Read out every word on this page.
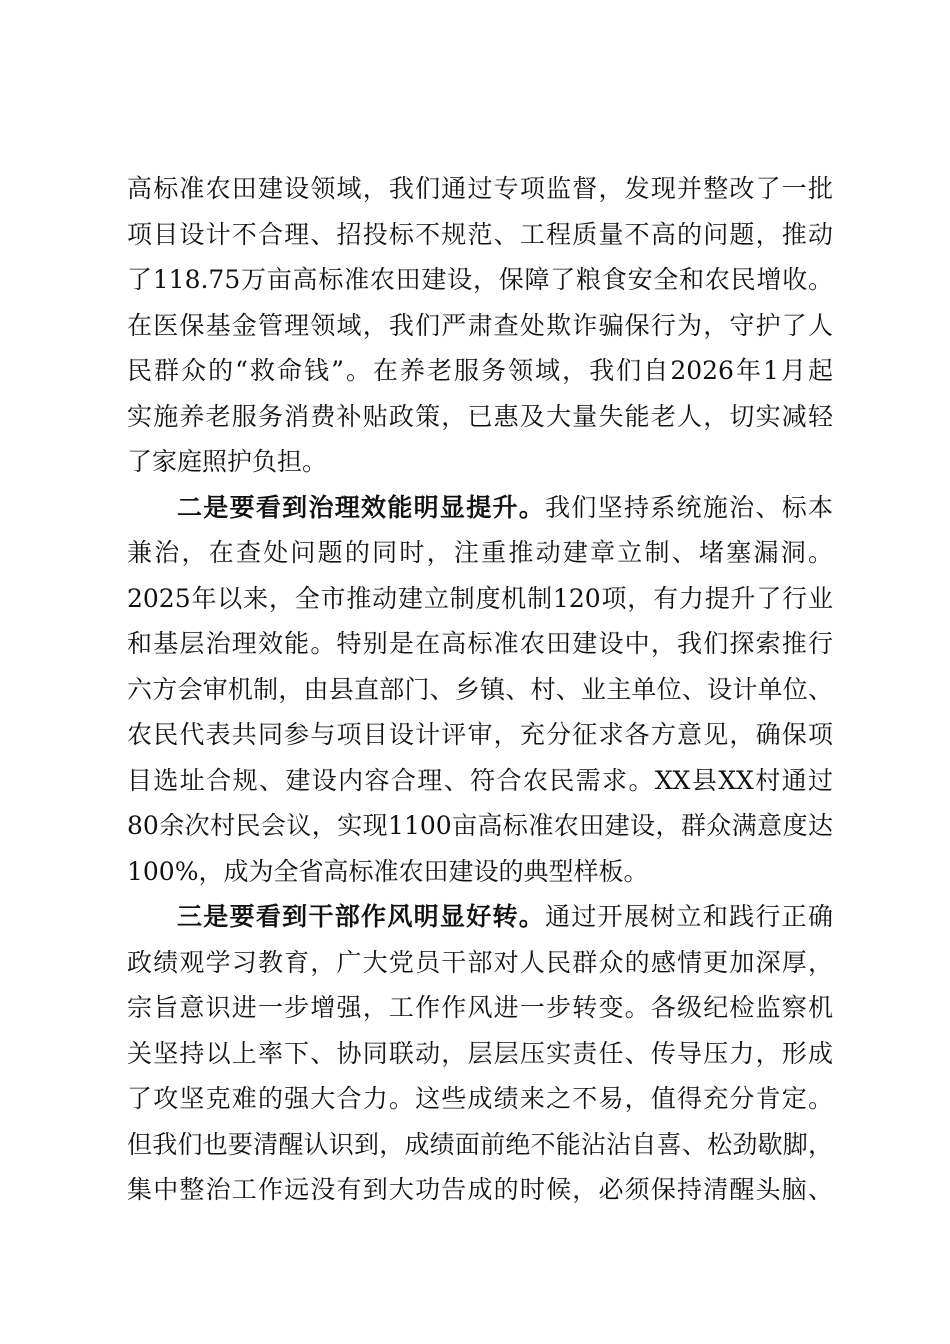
高标准农田建设领域，我们通过专项监督，发现并整改了一批
项目设计不合理、招投标不规范、工程质量不高的问题，推动
了118.75万亩高标准农田建设，保障了粮食安全和农民增收。
在医保基金管理领域，我们严肃查处欺诈骗保行为，守护了人
民群众的“救命钱”。在养老服务领域，我们自2026年1月起
实施养老服务消费补贴政策，已惠及大量失能老人，切实减轻
了家庭照护负担。
二是要看到治理效能明显提升。我们坚持系统施治、标本
兼治，在查处问题的同时，注重推动建章立制、堵塞漏洞。
2025年以来，全市推动建立制度机制120项，有力提升了行业
和基层治理效能。特别是在高标准农田建设中，我们探索推行
六方会审机制，由县直部门、乡镇、村、业主单位、设计单位、
农民代表共同参与项目设计评审，充分征求各方意见，确保项
目选址合规、建设内容合理、符合农民需求。XX县XX村通过
80余次村民会议，实现1100亩高标准农田建设，群众满意度达
100%，成为全省高标准农田建设的典型样板。
三是要看到干部作风明显好转。通过开展树立和践行正确
政绩观学习教育，广大党员干部对人民群众的感情更加深厚，
宗旨意识进一步增强，工作作风进一步转变。各级纪检监察机
关坚持以上率下、协同联动，层层压实责任、传导压力，形成
了攻坚克难的强大合力。这些成绩来之不易，值得充分肯定。
但我们也要清醒认识到，成绩面前绝不能沾沾自喜、松劲歇脚，
集中整治工作远没有到大功告成的时候，必须保持清醒头脑、
